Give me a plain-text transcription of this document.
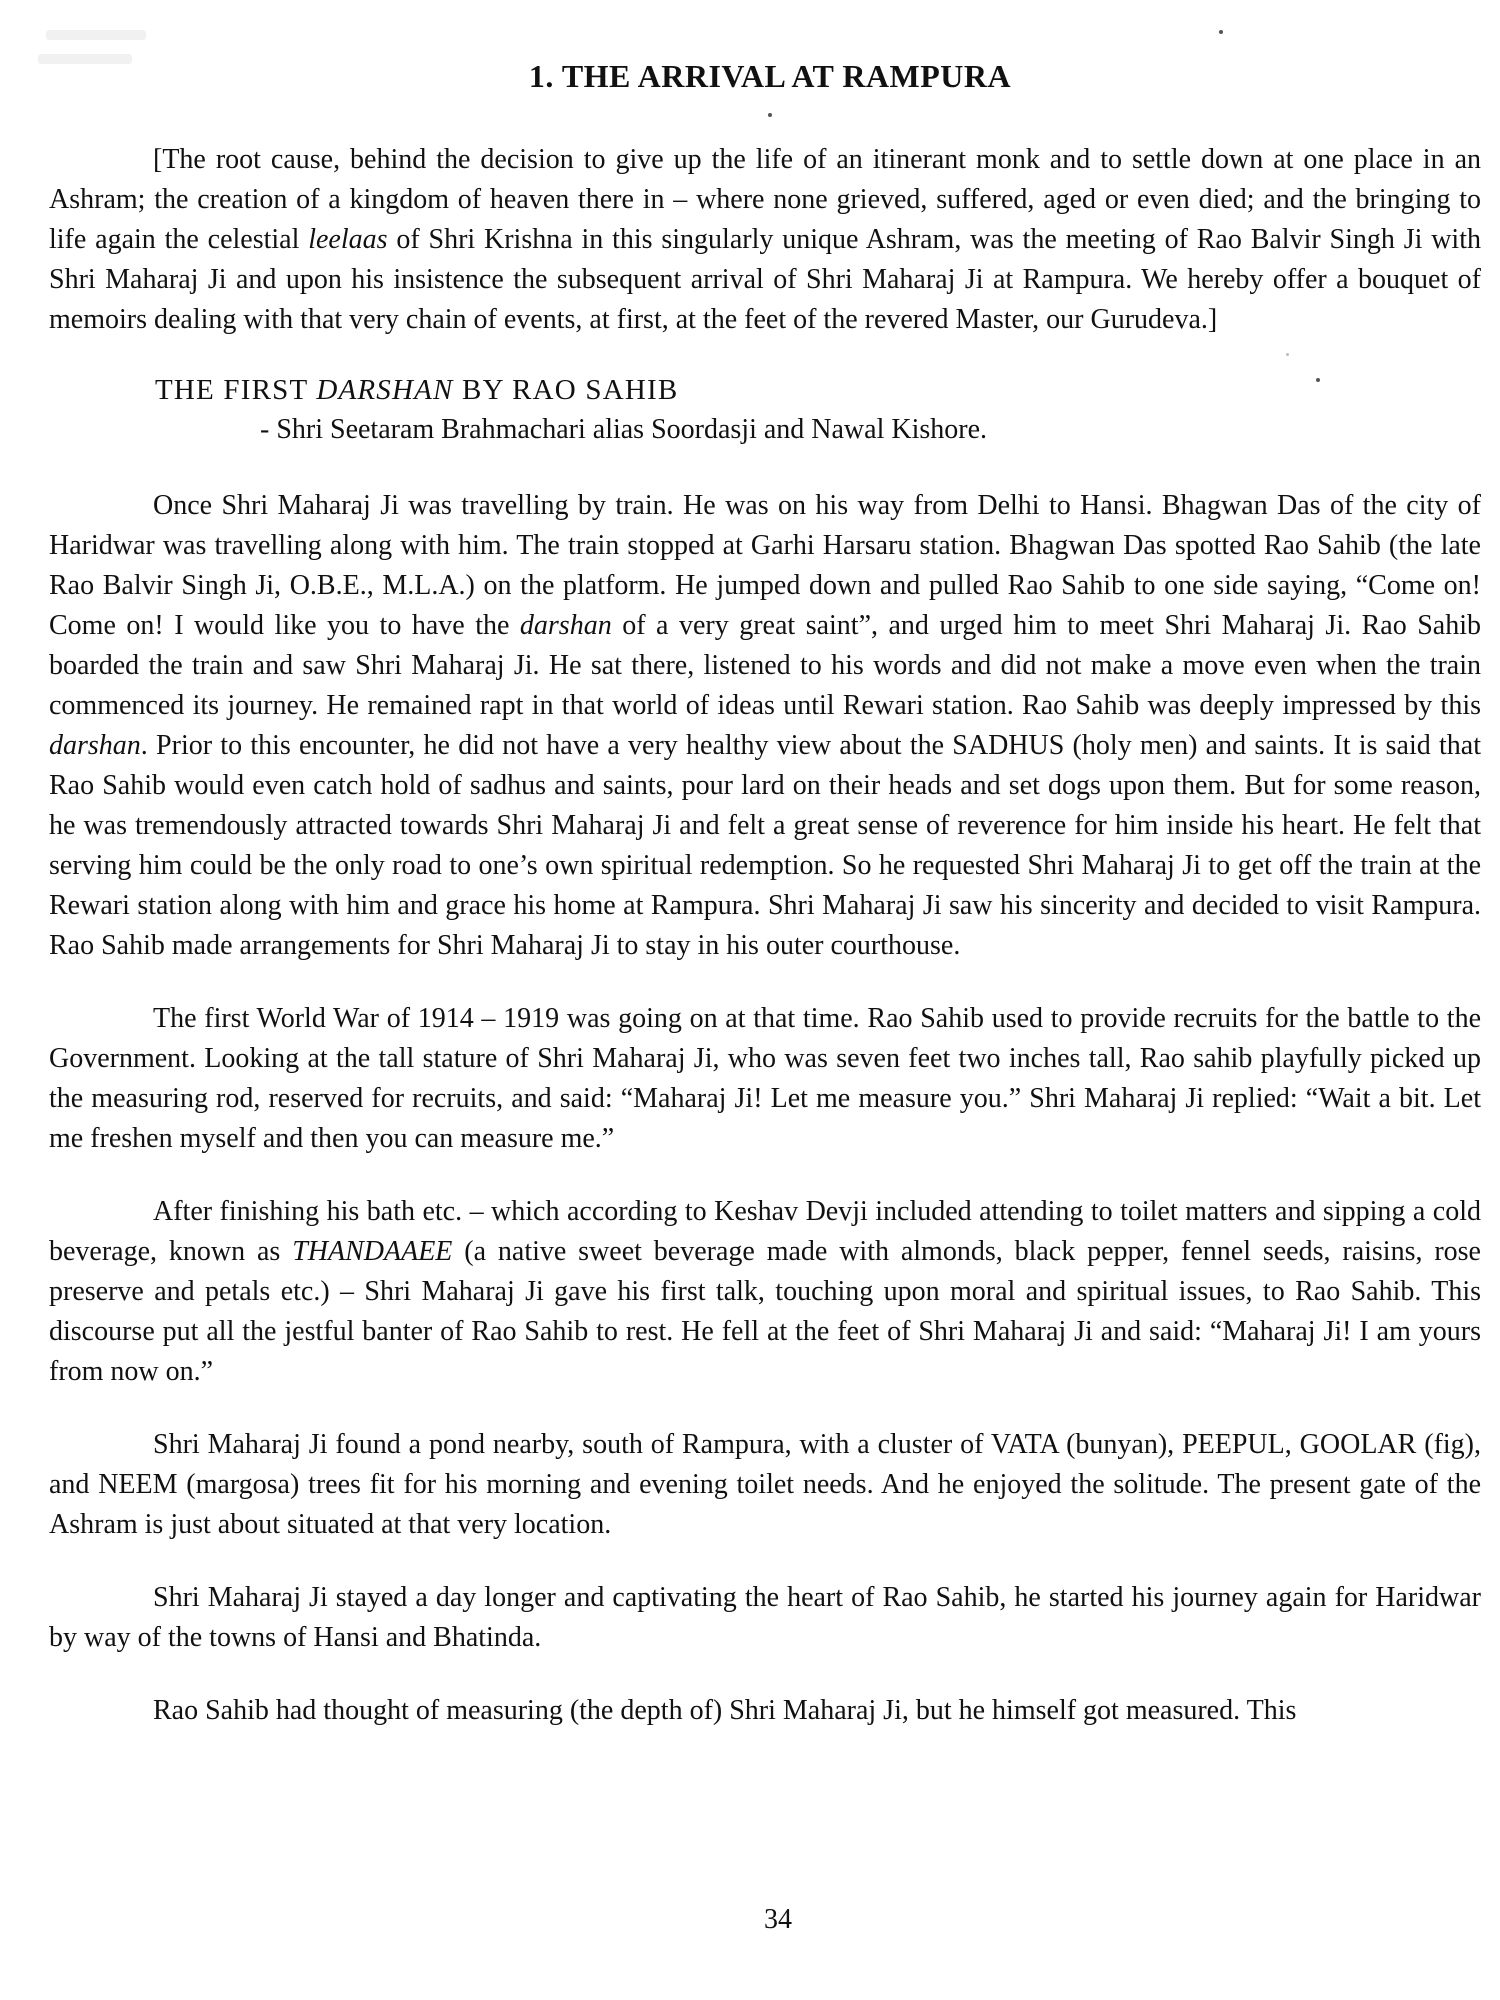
1. THE ARRIVAL AT RAMPURA

[The root cause, behind the decision to give up the life of an itinerant monk and to settle down at one place in an Ashram; the creation of a kingdom of heaven there in – where none grieved, suffered, aged or even died; and the bringing to life again the celestial leelaas of Shri Krishna in this singularly unique Ashram, was the meeting of Rao Balvir Singh Ji with Shri Maharaj Ji and upon his insistence the subsequent arrival of Shri Maharaj Ji at Rampura. We hereby offer a bouquet of memoirs dealing with that very chain of events, at first, at the feet of the revered Master, our Gurudeva.]

THE FIRST DARSHAN BY RAO SAHIB
- Shri Seetaram Brahmachari alias Soordasji and Nawal Kishore.

Once Shri Maharaj Ji was travelling by train. He was on his way from Delhi to Hansi. Bhagwan Das of the city of Haridwar was travelling along with him. The train stopped at Garhi Harsaru station. Bhagwan Das spotted Rao Sahib (the late Rao Balvir Singh Ji, O.B.E., M.L.A.) on the platform. He jumped down and pulled Rao Sahib to one side saying, “Come on! Come on! I would like you to have the darshan of a very great saint”, and urged him to meet Shri Maharaj Ji. Rao Sahib boarded the train and saw Shri Maharaj Ji. He sat there, listened to his words and did not make a move even when the train commenced its journey. He remained rapt in that world of ideas until Rewari station. Rao Sahib was deeply impressed by this darshan. Prior to this encounter, he did not have a very healthy view about the SADHUS (holy men) and saints. It is said that Rao Sahib would even catch hold of sadhus and saints, pour lard on their heads and set dogs upon them. But for some reason, he was tremendously attracted towards Shri Maharaj Ji and felt a great sense of reverence for him inside his heart. He felt that serving him could be the only road to one’s own spiritual redemption. So he requested Shri Maharaj Ji to get off the train at the Rewari station along with him and grace his home at Rampura. Shri Maharaj Ji saw his sincerity and decided to visit Rampura. Rao Sahib made arrangements for Shri Maharaj Ji to stay in his outer courthouse.

The first World War of 1914 – 1919 was going on at that time. Rao Sahib used to provide recruits for the battle to the Government. Looking at the tall stature of Shri Maharaj Ji, who was seven feet two inches tall, Rao sahib playfully picked up the measuring rod, reserved for recruits, and said: “Maharaj Ji! Let me measure you.” Shri Maharaj Ji replied: “Wait a bit. Let me freshen myself and then you can measure me.”

After finishing his bath etc. – which according to Keshav Devji included attending to toilet matters and sipping a cold beverage, known as THANDAAEE (a native sweet beverage made with almonds, black pepper, fennel seeds, raisins, rose preserve and petals etc.) – Shri Maharaj Ji gave his first talk, touching upon moral and spiritual issues, to Rao Sahib. This discourse put all the jestful banter of Rao Sahib to rest. He fell at the feet of Shri Maharaj Ji and said: “Maharaj Ji! I am yours from now on.”

Shri Maharaj Ji found a pond nearby, south of Rampura, with a cluster of VATA (bunyan), PEEPUL, GOOLAR (fig), and NEEM (margosa) trees fit for his morning and evening toilet needs. And he enjoyed the solitude. The present gate of the Ashram is just about situated at that very location.

Shri Maharaj Ji stayed a day longer and captivating the heart of Rao Sahib, he started his journey again for Haridwar by way of the towns of Hansi and Bhatinda.

Rao Sahib had thought of measuring (the depth of) Shri Maharaj Ji, but he himself got measured. This

34
